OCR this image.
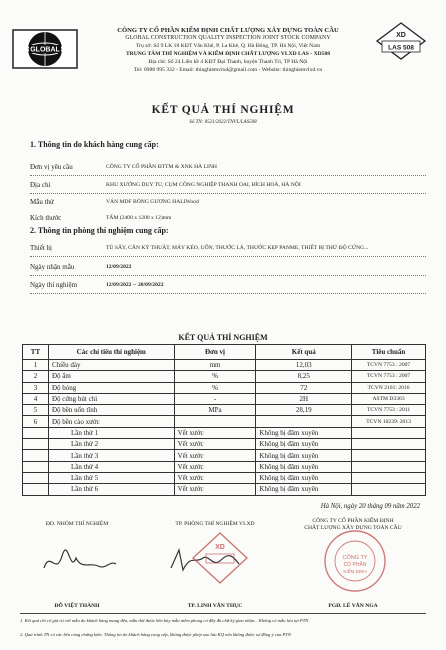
GLOBAL
CÔNG TY CỔ PHẦN KIỂM ĐỊNH CHẤT LƯỢNG XÂY DỰNG TOÀN CẦU
GLOBAL CONSTRUCTION QUALITY INSPECTION JOINT STOCK COMPANY
Trụ sở: Số 9 LK 18 KĐT Văn Khê, P. La Khê, Q. Hà Đông, TP. Hà Nội, Việt Nam
TRUNG TÂM THÍ NGHIỆM VÀ KIỂM ĐỊNH CHẤT LƯỢNG VLXD LAS - XD508
Địa chỉ: Số 24 Liền kề 4 KĐT Đại Thanh, huyện Thanh Trì, TP Hà Nội
Tel: 0988 995 332 - Email: thinghiemvlxd@gmail.com - Website: thinghiemvlxd.vn
XD
LAS 508
KẾT QUẢ THÍ NGHIỆM
Số TN: 0521/2022/TNVL/LAS508
1. Thông tin do khách hàng cung cấp:
Đơn vị yêu cầu	CÔNG TY CỔ PHẦN ĐTTM & XNK HÀ LINH
Địa chỉ	KHU XƯỞNG DUY TU, CỤM CÔNG NGHIỆP THANH OAI, BÍCH HOÀ, HÀ NỘI
Mẫu thử	VÁN MDF BÓNG GƯƠNG HALIWood
Kích thước	TẤM (2400 x 1200 x 12)mm
2. Thông tin phòng thí nghiệm cung cấp:
Thiết bị	TỦ SẤY, CÂN KỸ THUẬT, MÁY KÉO, UỐN, THƯỚC LÁ, THƯỚC KẸP PANME, THIẾT BỊ THỬ ĐỘ CỨNG...
Ngày nhận mẫu	12/09/2022
Ngày thí nghiệm	12/09/2022 -- 20/09/2022
KẾT QUẢ THÍ NGHIỆM
TT	Các chỉ tiêu thí nghiệm	Đơn vị	Kết quả	Tiêu chuẩn
1	Chiều dày	mm	12,03	TCVN 7753 : 2007
2	Độ ẩm	%	8,25	TCVN 7753 : 2007
3	Độ bóng	%	72	TCVN 2101: 2016
4	Độ cứng bút chì	-	2H	ASTM D3363
5	Độ bền uốn tĩnh	MPa	28,19	TCVN 7753 : 2011
6	Độ bền cào xước			TCVN 10239: 2013
	Lần thử 1	Vết xước	Không bị đâm xuyên	
	Lần thử 2	Vết xước	Không bị đâm xuyên	
	Lần thử 3	Vết xước	Không bị đâm xuyên	
	Lần thử 4	Vết xước	Không bị đâm xuyên	
	Lần thử 5	Vết xước	Không bị đâm xuyên	
	Lần thử 6	Vết xước	Không bị đâm xuyên	
Hà Nội, ngày 20 tháng 09 năm 2022
ĐD. NHÓM THÍ NGHIỆM	TP. PHÒNG THÍ NGHIỆM VLXD	CÔNG TY CỔ PHẦN KIỂM ĐỊNH
CHẤT LƯỢNG XÂY DỰNG TOÀN CẦU
XD
CÔNG TY
CỔ PHẦN
KIỂM ĐỊNH
ĐỖ VIỆT THÀNH	TP. LINH VĂN THỤC	PGĐ. LÊ VĂN NGA
1. Kết quả chỉ có giá trị với mẫu do khách hàng mang đến, mẫu thử được bên bảy mẫu niêm phong có đầy đủ chữ ký giao nhận... Không có mẫu lưu tại PTN
2. Quá trình TN có các bên cùng chứng kiến. Thông tin do khách hàng cung cấp, không được phép sao lưu KQ nếu không được sự đồng ý của PTN
